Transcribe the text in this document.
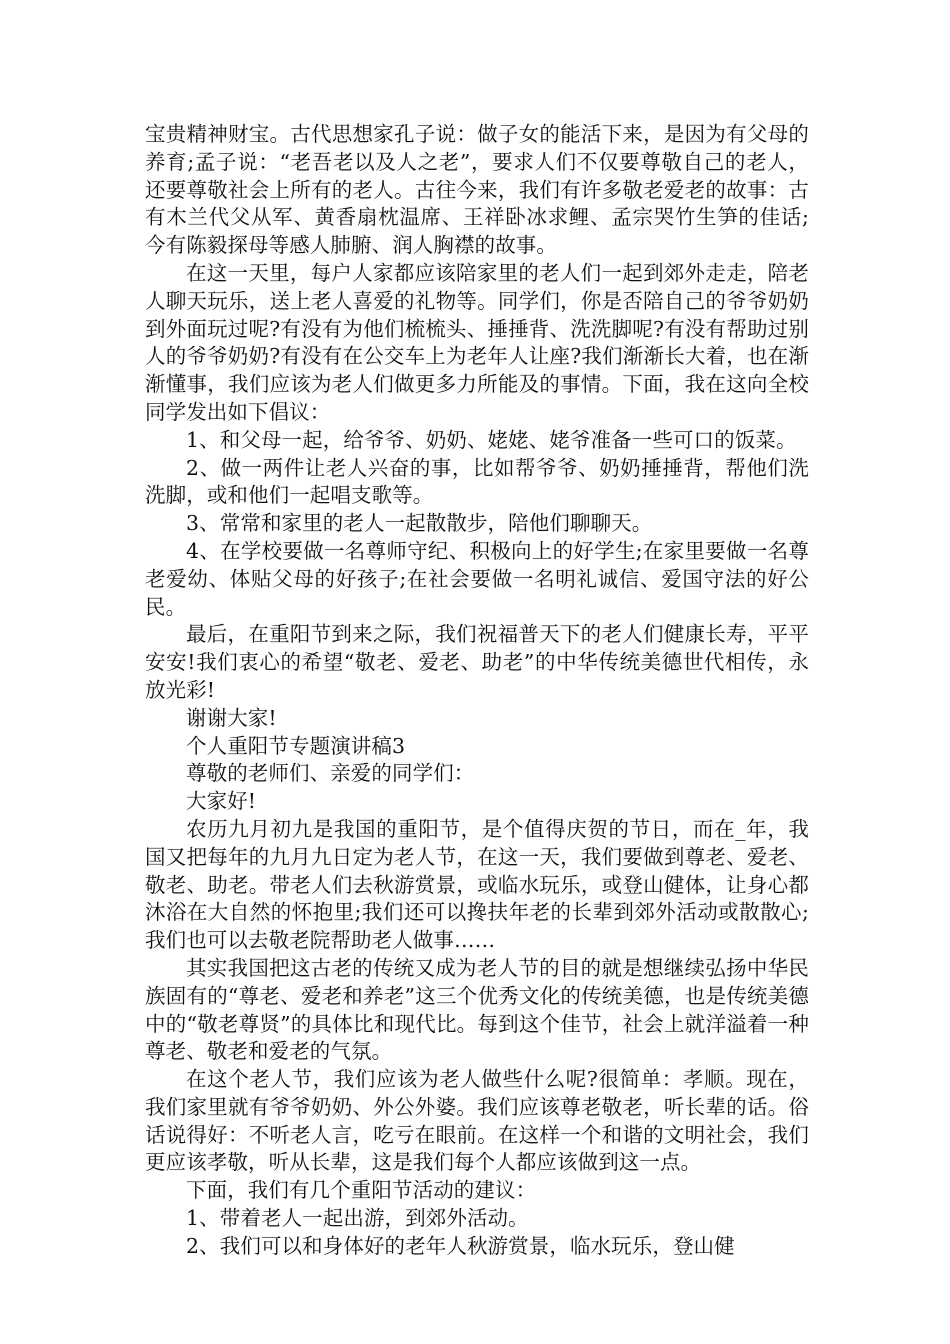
宝贵精神财宝。古代思想家孔子说：做子女的能活下来，是因为有父母的养育;孟子说：“老吾老以及人之老”，要求人们不仅要尊敬自己的老人，还要尊敬社会上所有的老人。古往今来，我们有许多敬老爱老的故事：古有木兰代父从军、黄香扇枕温席、王祥卧冰求鲤、孟宗哭竹生笋的佳话;今有陈毅探母等感人肺腑、润人胸襟的故事。

在这一天里，每户人家都应该陪家里的老人们一起到郊外走走，陪老人聊天玩乐，送上老人喜爱的礼物等。同学们，你是否陪自己的爷爷奶奶到外面玩过呢?有没有为他们梳梳头、捶捶背、洗洗脚呢?有没有帮助过别人的爷爷奶奶?有没有在公交车上为老年人让座?我们渐渐长大着，也在渐渐懂事，我们应该为老人们做更多力所能及的事情。下面，我在这向全校同学发出如下倡议：

1、和父母一起，给爷爷、奶奶、姥姥、姥爷准备一些可口的饭菜。

2、做一两件让老人兴奋的事，比如帮爷爷、奶奶捶捶背，帮他们洗洗脚，或和他们一起唱支歌等。

3、常常和家里的老人一起散散步，陪他们聊聊天。

4、在学校要做一名尊师守纪、积极向上的好学生;在家里要做一名尊老爱幼、体贴父母的好孩子;在社会要做一名明礼诚信、爱国守法的好公民。

最后，在重阳节到来之际，我们祝福普天下的老人们健康长寿，平平安安!我们衷心的希望“敬老、爱老、助老”的中华传统美德世代相传，永放光彩!

谢谢大家!

个人重阳节专题演讲稿3

尊敬的老师们、亲爱的同学们：

大家好!

农历九月初九是我国的重阳节，是个值得庆贺的节日，而在_年，我国又把每年的九月九日定为老人节，在这一天，我们要做到尊老、爱老、敬老、助老。带老人们去秋游赏景，或临水玩乐，或登山健体，让身心都沐浴在大自然的怀抱里;我们还可以搀扶年老的长辈到郊外活动或散散心;我们也可以去敬老院帮助老人做事……

其实我国把这古老的传统又成为老人节的目的就是想继续弘扬中华民族固有的“尊老、爱老和养老”这三个优秀文化的传统美德，也是传统美德中的“敬老尊贤”的具体比和现代比。每到这个佳节，社会上就洋溢着一种尊老、敬老和爱老的气氛。

在这个老人节，我们应该为老人做些什么呢?很简单：孝顺。现在，我们家里就有爷爷奶奶、外公外婆。我们应该尊老敬老，听长辈的话。俗话说得好：不听老人言，吃亏在眼前。在这样一个和谐的文明社会，我们更应该孝敬，听从长辈，这是我们每个人都应该做到这一点。

下面，我们有几个重阳节活动的建议：

1、带着老人一起出游，到郊外活动。

2、我们可以和身体好的老年人秋游赏景，临水玩乐，登山健
